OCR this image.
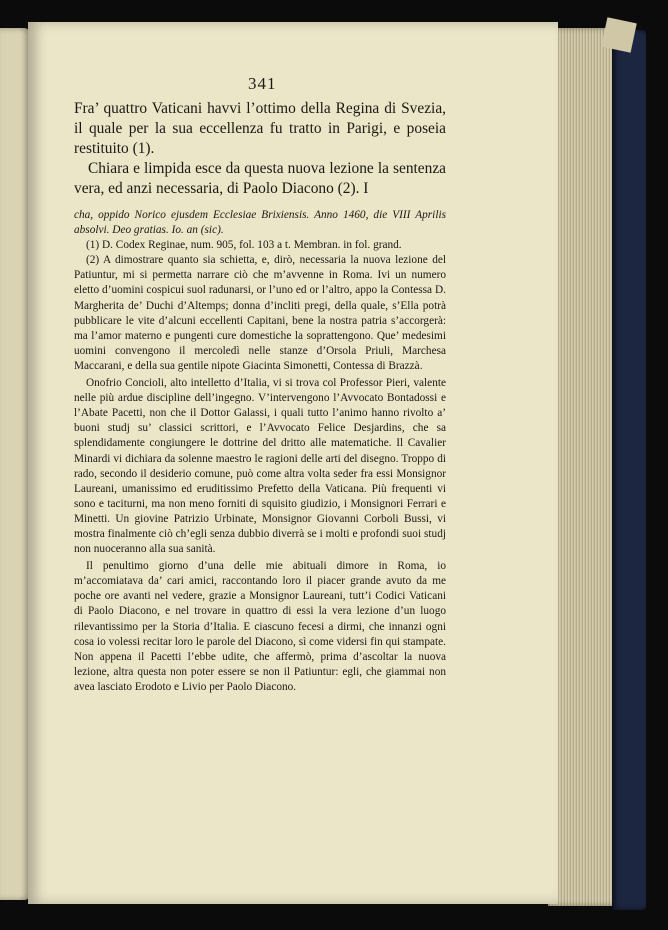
341

Fra’ quattro Vaticani havvi l’ottimo della Regina di Svezia, il quale per la sua eccellenza fu tratto in Parigi, e poseia restituito (1).

Chiara e limpida esce da questa nuova lezione la sentenza vera, ed anzi necessaria, di Paolo Diacono (2). I

cha, oppido Norico ejusdem Ecclesiae Brixiensis. Anno 1460, die VIII Aprilis absolvi. Deo gratias. Io. an (sic).

(1) D. Codex Reginae, num. 905, fol. 103 a t. Membran. in fol. grand.

(2) A dimostrare quanto sia schietta, e, dirò, necessaria la nuova lezione del Patiuntur, mi si permetta narrare ciò che m’avvenne in Roma. Ivi un numero eletto d’uomini cospicui suol radunarsi, or l’uno ed or l’altro, appo la Contessa D. Margherita de’ Duchi d’Altemps; donna d’incliti pregi, della quale, s’Ella potrà pubblicare le vite d’alcuni eccellenti Capitani, bene la nostra patria s’accorgerà: ma l’amor materno e pungenti cure domestiche la soprattengono. Que’ medesimi uomini convengono il mercoledì nelle stanze d’Orsola Priuli, Marchesa Maccarani, e della sua gentile nipote Giacinta Simonetti, Contessa di Brazzà.

Onofrio Concioli, alto intelletto d’Italia, vi si trova col Professor Pieri, valente nelle più ardue discipline dell’ingegno. V’intervengono l’Avvocato Bontadossi e l’Abate Pacetti, non che il Dottor Galassi, i quali tutto l’animo hanno rivolto a’ buoni studj su’ classici scrittori, e l’Avvocato Felice Desjardins, che sa splendidamente congiungere le dottrine del dritto alle matematiche. Il Cavalier Minardi vi dichiara da solenne maestro le ragioni delle arti del disegno. Troppo di rado, secondo il desiderio comune, può come altra volta seder fra essi Monsignor Laureani, umanissimo ed eruditissimo Prefetto della Vaticana. Più frequenti vi sono e taciturni, ma non meno forniti di squisito giudizio, i Monsignori Ferrari e Minetti. Un giovine Patrizio Urbinate, Monsignor Giovanni Corboli Bussi, vi mostra finalmente ciò ch’egli senza dubbio diverrà se i molti e profondi suoi studj non nuoceranno alla sua sanità.

Il penultimo giorno d’una delle mie abituali dimore in Roma, io m’accomiatava da’ cari amici, raccontando loro il piacer grande avuto da me poche ore avanti nel vedere, grazie a Monsignor Laureani, tutt’i Codici Vaticani di Paolo Diacono, e nel trovare in quattro di essi la vera lezione d’un luogo rilevantissimo per la Storia d’Italia. E ciascuno fecesi a dirmi, che innanzi ogni cosa io volessi recitar loro le parole del Diacono, sì come vidersi fin qui stampate. Non appena il Pacetti l’ebbe udite, che affermò, prima d’ascoltar la nuova lezione, altra questa non poter essere se non il Patiuntur: egli, che giammai non avea lasciato Erodoto e Livio per Paolo Diacono.
